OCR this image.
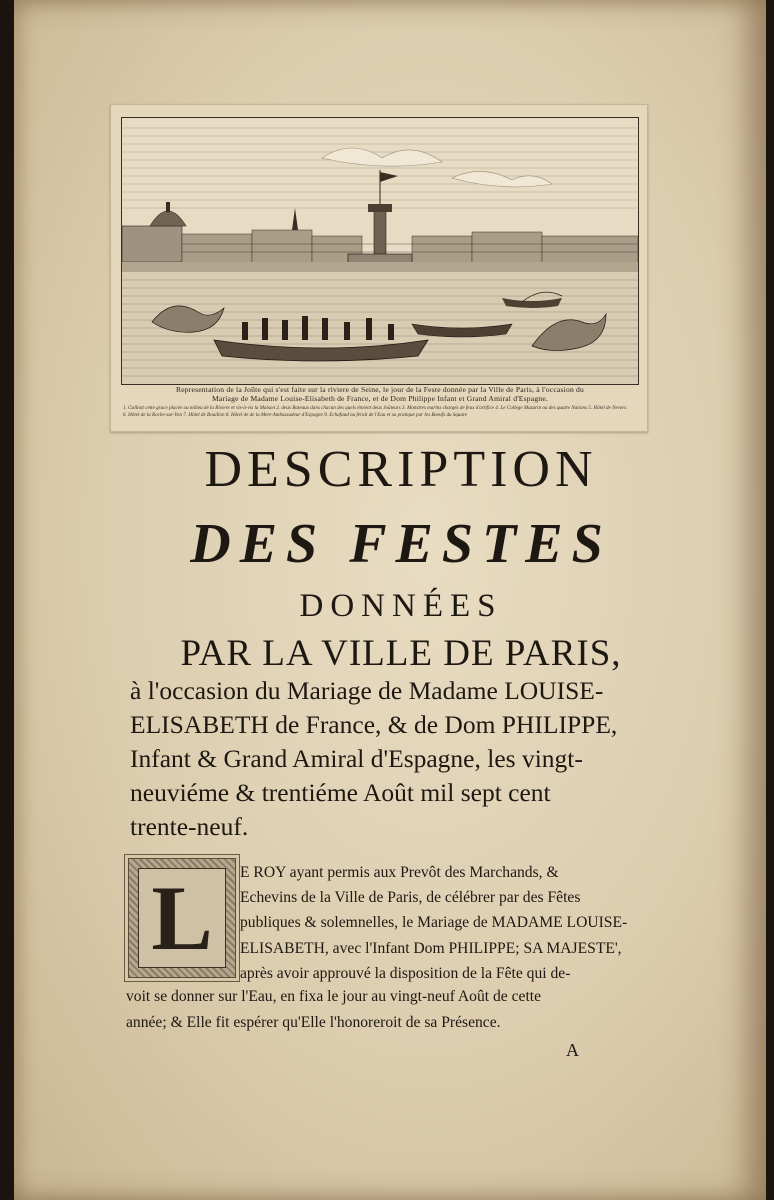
Representation de la Joûte qui s'est faite sur la riviere de Seine, le jour de la Feste donnée par la Ville de Paris, à l'occasion du
Mariage de Madame Louise-Elisabeth de France, et de Dom Philippe Infant et Grand Amiral d'Espagne.
1. Galliott cette grace placée au milieu de la Riviere et vis-à-vis la Maison 2. deux Bateaux dans chacun des quels étoient deux Joûteurs 3. Monstres marins chargés de feux d'artifice 4. Le College Mazarin ou des quatre Nations 5. Hôtel de Nevers
6. Hôtel de la Roche-sur-Yon 7. Hôtel de Bouillon 8. Hôtel de de la Mere Ambassadeur d'Espagne 9. Echafaud ou ferait de l'Eau et sa pratique par les Boeufs du Square
DESCRIPTION
DES FESTES
DONNÉES
PAR LA VILLE DE PARIS,
à l'occasion du Mariage de Madame LOUISE-
ELISABETH de France, & de Dom PHILIPPE,
Infant & Grand Amiral d'Espagne, les vingt-
neuviéme & trentiéme Août mil sept cent
trente-neuf.
L E ROY ayant permis aux Prevôt des Marchands, &
Echevins de la Ville de Paris, de célébrer par des Fêtes
publiques & solemnelles, le Mariage de MADAME LOUISE-
ELISABETH, avec l'Infant Dom PHILIPPE; SA MAJESTE',
après avoir approuvé la disposition de la Fête qui de-
voit se donner sur l'Eau, en fixa le jour au vingt-neuf Août de cette
année; & Elle fit espérer qu'Elle l'honoreroit de sa Présence.
A
